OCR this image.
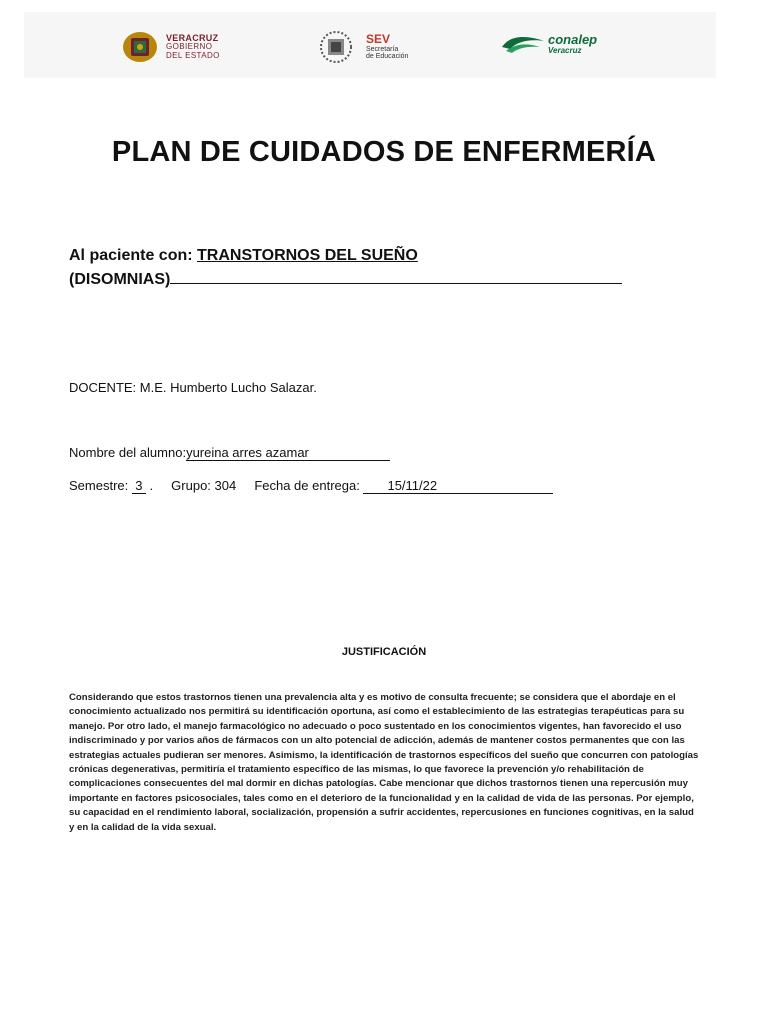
VERACRUZ
GOBIERNO
DEL ESTADO
SEV
Secretaría
de Educación
conalep
Veracruz
PLAN DE CUIDADOS DE ENFERMERÍA
Al paciente con: TRANSTORNOS DEL SUEÑO
(DISOMNIAS)
DOCENTE: M.E. Humberto Lucho Salazar.
Nombre del alumno:yureina arres azamar
Semestre: 3 .     Grupo: 304 Fecha de entrega: 15/11/22
JUSTIFICACIÓN
Considerando que estos trastornos tienen una prevalencia alta y es motivo de consulta frecuente; se considera que el abordaje en el conocimiento actualizado nos permitirá su identificación oportuna, así como el establecimiento de las estrategias terapéuticas para su manejo. Por otro lado, el manejo farmacológico no adecuado o poco sustentado en los conocimientos vigentes, han favorecido el uso indiscriminado y por varios años de fármacos con un alto potencial de adicción, además de mantener costos permanentes que con las estrategias actuales pudieran ser menores. Asimismo, la identificación de trastornos específicos del sueño que concurren con patologías crónicas degenerativas, permitiría el tratamiento específico de las mismas, lo que favorece la prevención y/o rehabilitación de complicaciones consecuentes del mal dormir en dichas patologías. Cabe mencionar que dichos trastornos tienen una repercusión muy importante en factores psicosociales, tales como en el deterioro de la funcionalidad y en la calidad de vida de las personas. Por ejemplo, su capacidad en el rendimiento laboral, socialización, propensión a sufrir accidentes, repercusiones en funciones cognitivas, en la salud y en la calidad de la vida sexual.
